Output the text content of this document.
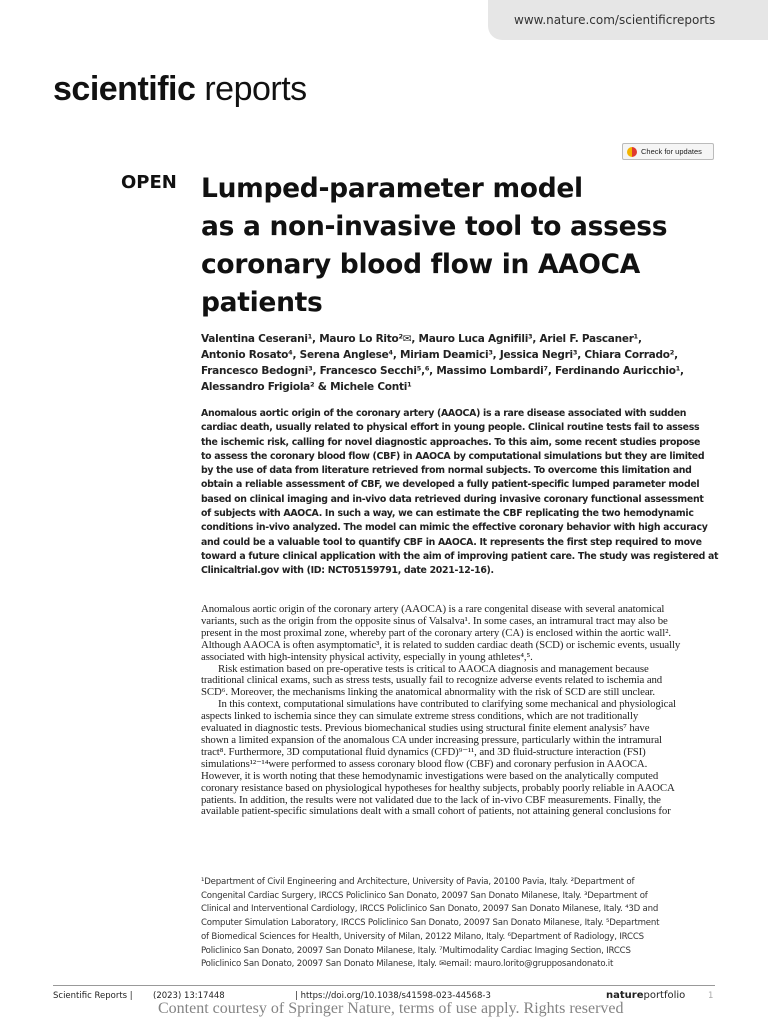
www.nature.com/scientificreports
scientific reports
Check for updates
OPEN Lumped-parameter model
as a non-invasive tool to assess
coronary blood flow in AAOCA
patients
Valentina Ceserani¹, Mauro Lo Rito²✉, Mauro Luca Agnifili³, Ariel F. Pascaner¹,
Antonio Rosato⁴, Serena Anglese⁴, Miriam Deamici³, Jessica Negri³, Chiara Corrado²,
Francesco Bedogni³, Francesco Secchi⁵,⁶, Massimo Lombardi⁷, Ferdinando Auricchio¹,
Alessandro Frigiola² & Michele Conti¹
Anomalous aortic origin of the coronary artery (AAOCA) is a rare disease associated with sudden
cardiac death, usually related to physical effort in young people. Clinical routine tests fail to assess
the ischemic risk, calling for novel diagnostic approaches. To this aim, some recent studies propose
to assess the coronary blood flow (CBF) in AAOCA by computational simulations but they are limited
by the use of data from literature retrieved from normal subjects. To overcome this limitation and
obtain a reliable assessment of CBF, we developed a fully patient-specific lumped parameter model
based on clinical imaging and in-vivo data retrieved during invasive coronary functional assessment
of subjects with AAOCA. In such a way, we can estimate the CBF replicating the two hemodynamic
conditions in-vivo analyzed. The model can mimic the effective coronary behavior with high accuracy
and could be a valuable tool to quantify CBF in AAOCA. It represents the first step required to move
toward a future clinical application with the aim of improving patient care. The study was registered at
Clinicaltrial.gov with (ID: NCT05159791, date 2021-12-16).
Anomalous aortic origin of the coronary artery (AAOCA) is a rare congenital disease with several anatomical
variants, such as the origin from the opposite sinus of Valsalva¹. In some cases, an intramural tract may also be
present in the most proximal zone, whereby part of the coronary artery (CA) is enclosed within the aortic wall².
Although AAOCA is often asymptomatic³, it is related to sudden cardiac death (SCD) or ischemic events, usually
associated with high-intensity physical activity, especially in young athletes⁴,⁵.
Risk estimation based on pre-operative tests is critical to AAOCA diagnosis and management because
traditional clinical exams, such as stress tests, usually fail to recognize adverse events related to ischemia and
SCD⁶. Moreover, the mechanisms linking the anatomical abnormality with the risk of SCD are still unclear.
In this context, computational simulations have contributed to clarifying some mechanical and physiological
aspects linked to ischemia since they can simulate extreme stress conditions, which are not traditionally
evaluated in diagnostic tests. Previous biomechanical studies using structural finite element analysis⁷ have
shown a limited expansion of the anomalous CA under increasing pressure, particularly within the intramural
tract⁸. Furthermore, 3D computational fluid dynamics (CFD)⁹⁻¹¹, and 3D fluid-structure interaction (FSI)
simulations¹²⁻¹⁴were performed to assess coronary blood flow (CBF) and coronary perfusion in AAOCA.
However, it is worth noting that these hemodynamic investigations were based on the analytically computed
coronary resistance based on physiological hypotheses for healthy subjects, probably poorly reliable in AAOCA
patients. In addition, the results were not validated due to the lack of in-vivo CBF measurements. Finally, the
available patient-specific simulations dealt with a small cohort of patients, not attaining general conclusions for
¹Department of Civil Engineering and Architecture, University of Pavia, 20100 Pavia, Italy. ²Department of
Congenital Cardiac Surgery, IRCCS Policlinico San Donato, 20097 San Donato Milanese, Italy. ³Department of
Clinical and Interventional Cardiology, IRCCS Policlinico San Donato, 20097 San Donato Milanese, Italy. ⁴3D and
Computer Simulation Laboratory, IRCCS Policlinico San Donato, 20097 San Donato Milanese, Italy. ⁵Department
of Biomedical Sciences for Health, University of Milan, 20122 Milano, Italy. ⁶Department of Radiology, IRCCS
Policlinico San Donato, 20097 San Donato Milanese, Italy. ⁷Multimodality Cardiac Imaging Section, IRCCS
Policlinico San Donato, 20097 San Donato Milanese, Italy. ✉email: mauro.lorito@grupposandonato.it
Scientific Reports | (2023) 13:17448	| https://doi.org/10.1038/s41598-023-44568-3	natureportfolio	1
Content courtesy of Springer Nature, terms of use apply. Rights reserved
